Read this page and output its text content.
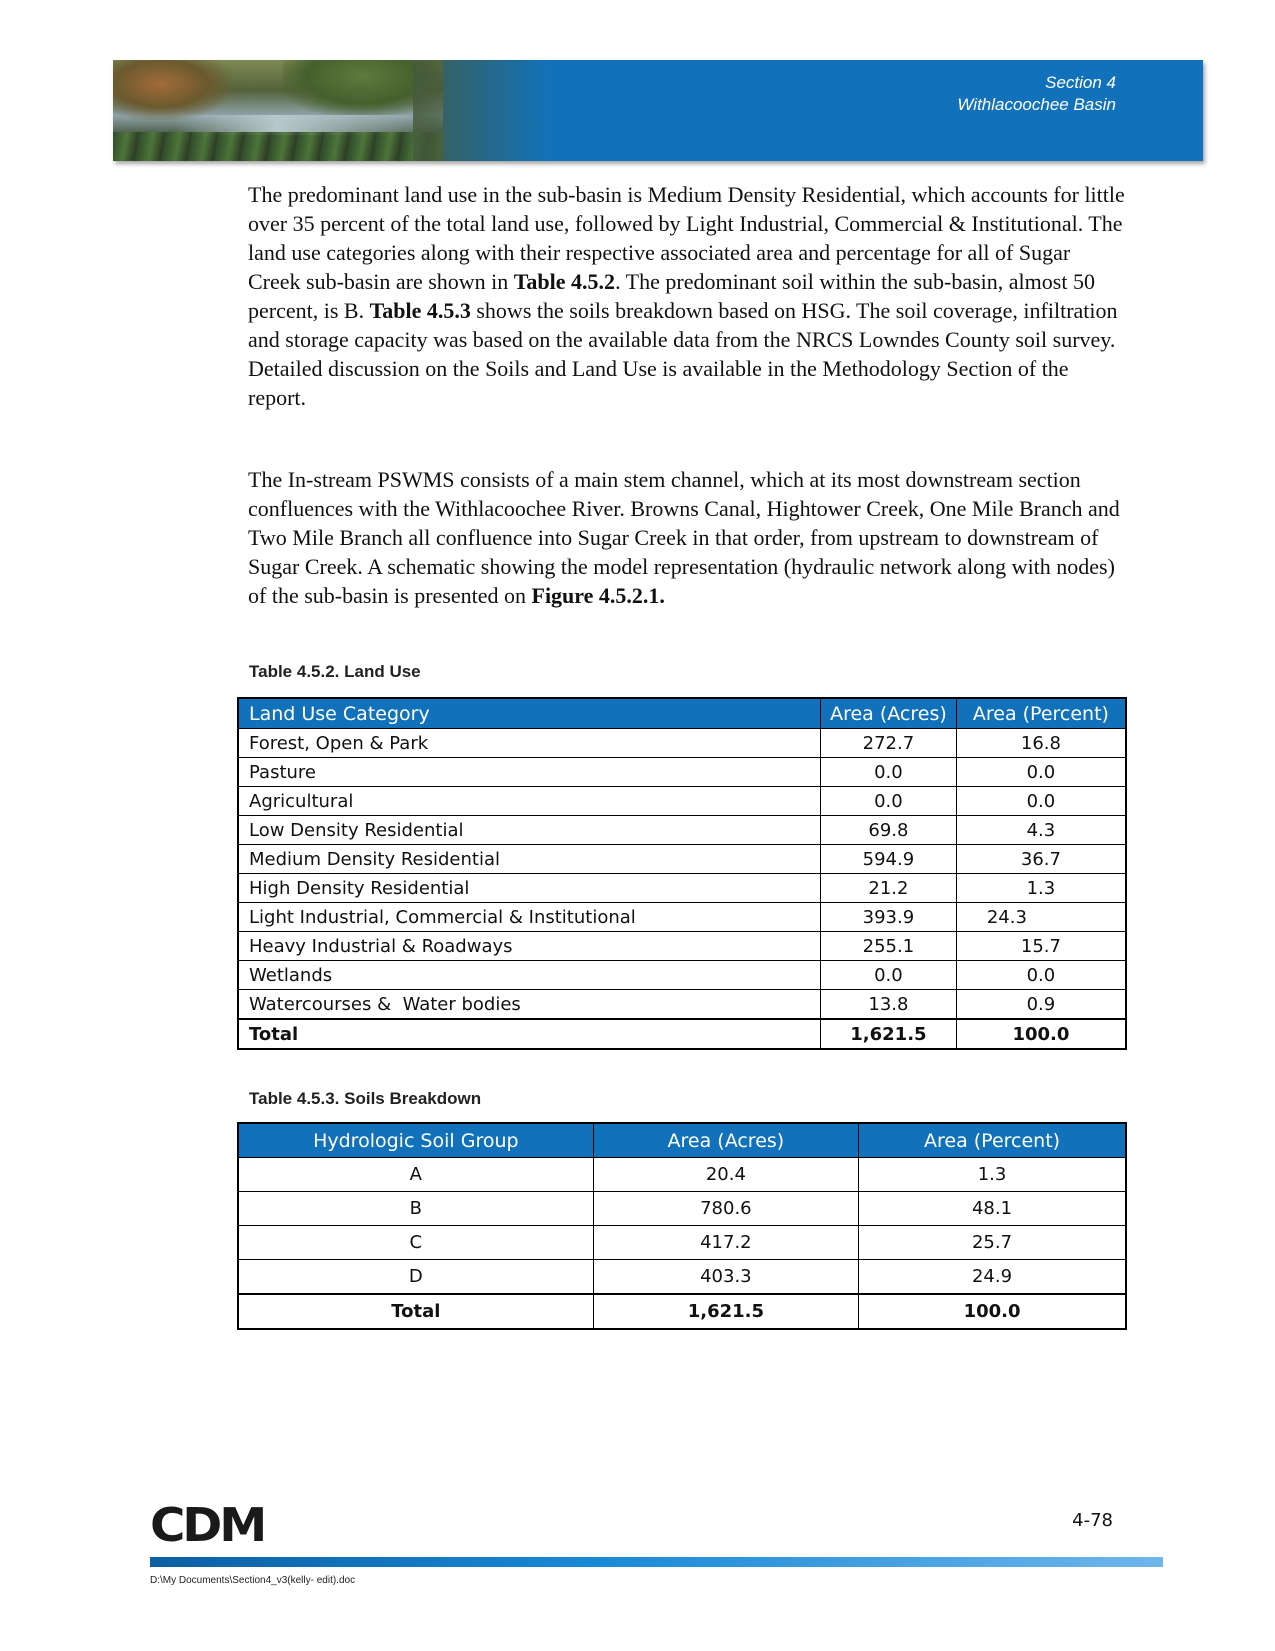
Section 4
Withlacoochee Basin

The predominant land use in the sub-basin is Medium Density Residential, which accounts for little over 35 percent of the total land use, followed by Light Industrial, Commercial & Institutional. The land use categories along with their respective associated area and percentage for all of Sugar Creek sub-basin are shown in Table 4.5.2. The predominant soil within the sub-basin, almost 50 percent, is B. Table 4.5.3 shows the soils breakdown based on HSG. The soil coverage, infiltration and storage capacity was based on the available data from the NRCS Lowndes County soil survey. Detailed discussion on the Soils and Land Use is available in the Methodology Section of the report.

The In-stream PSWMS consists of a main stem channel, which at its most downstream section confluences with the Withlacoochee River. Browns Canal, Hightower Creek, One Mile Branch and Two Mile Branch all confluence into Sugar Creek in that order, from upstream to downstream of Sugar Creek. A schematic showing the model representation (hydraulic network along with nodes) of the sub-basin is presented on Figure 4.5.2.1.

Table 4.5.2. Land Use
Land Use Category	Area (Acres)	Area (Percent)
Forest, Open & Park	272.7	16.8
Pasture	0.0	0.0
Agricultural	0.0	0.0
Low Density Residential	69.8	4.3
Medium Density Residential	594.9	36.7
High Density Residential	21.2	1.3
Light Industrial, Commercial & Institutional	393.9	24.3
Heavy Industrial & Roadways	255.1	15.7
Wetlands	0.0	0.0
Watercourses &  Water bodies	13.8	0.9
Total	1,621.5	100.0
Table 4.5.3. Soils Breakdown
Hydrologic Soil Group	Area (Acres)	Area (Percent)
A	20.4	1.3
B	780.6	48.1
C	417.2	25.7
D	403.3	24.9
Total	1,621.5	100.0
CDM	4-78
D:\My Documents\Section4_v3(kelly- edit).doc
